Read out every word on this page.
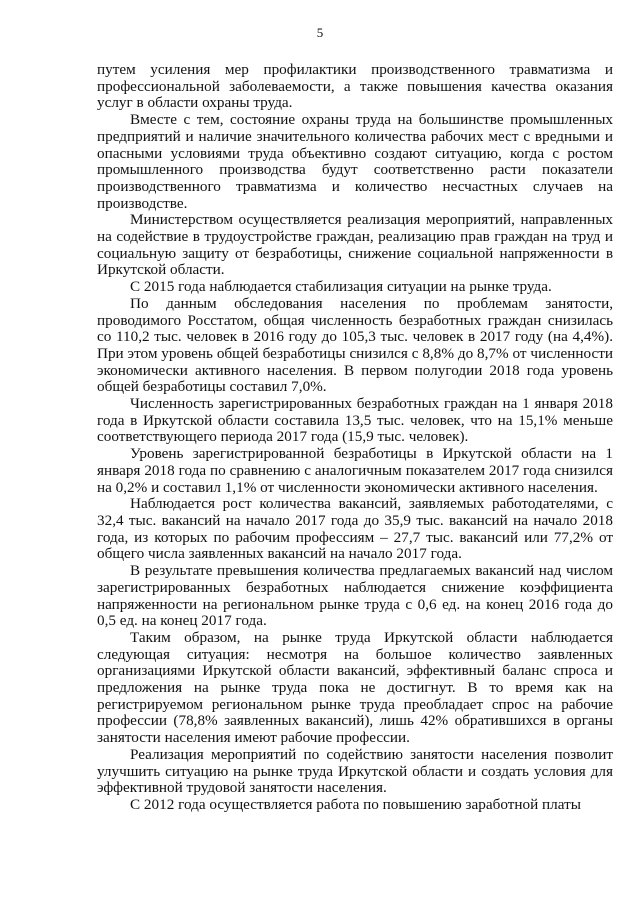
5

путем усиления мер профилактики производственного травматизма и профессиональной заболеваемости, а также повышения качества оказания услуг в области охраны труда.

Вместе с тем, состояние охраны труда на большинстве промышленных предприятий и наличие значительного количества рабочих мест с вредными и опасными условиями труда объективно создают ситуацию, когда с ростом промышленного производства будут соответственно расти показатели производственного травматизма и количество несчастных случаев на производстве.

Министерством осуществляется реализация мероприятий, направленных на содействие в трудоустройстве граждан, реализацию прав граждан на труд и социальную защиту от безработицы, снижение социальной напряженности в Иркутской области.

С 2015 года наблюдается стабилизация ситуации на рынке труда.

По данным обследования населения по проблемам занятости, проводимого Росстатом, общая численность безработных граждан снизилась со 110,2 тыс. человек в 2016 году до 105,3 тыс. человек в 2017 году (на 4,4%). При этом уровень общей безработицы снизился с 8,8% до 8,7% от численности экономически активного населения. В первом полугодии 2018 года уровень общей безработицы составил 7,0%.

Численность зарегистрированных безработных граждан на 1 января 2018 года в Иркутской области составила 13,5 тыс. человек, что на 15,1% меньше соответствующего периода 2017 года (15,9 тыс. человек).

Уровень зарегистрированной безработицы в Иркутской области на 1 января 2018 года по сравнению с аналогичным показателем 2017 года снизился на 0,2% и составил 1,1% от численности экономически активного населения.

Наблюдается рост количества вакансий, заявляемых работодателями, с 32,4 тыс. вакансий на начало 2017 года до 35,9 тыс. вакансий на начало 2018 года, из которых по рабочим профессиям – 27,7 тыс. вакансий или 77,2% от общего числа заявленных вакансий на начало 2017 года.

В результате превышения количества предлагаемых вакансий над числом зарегистрированных безработных наблюдается снижение коэффициента напряженности на региональном рынке труда с 0,6 ед. на конец 2016 года до 0,5 ед. на конец 2017 года.

Таким образом, на рынке труда Иркутской области наблюдается следующая ситуация: несмотря на большое количество заявленных организациями Иркутской области вакансий, эффективный баланс спроса и предложения на рынке труда пока не достигнут. В то время как на регистрируемом региональном рынке труда преобладает спрос на рабочие профессии (78,8% заявленных вакансий), лишь 42% обратившихся в органы занятости населения имеют рабочие профессии.

Реализация мероприятий по содействию занятости населения позволит улучшить ситуацию на рынке труда Иркутской области и создать условия для эффективной трудовой занятости населения.

С 2012 года осуществляется работа по повышению заработной платы
